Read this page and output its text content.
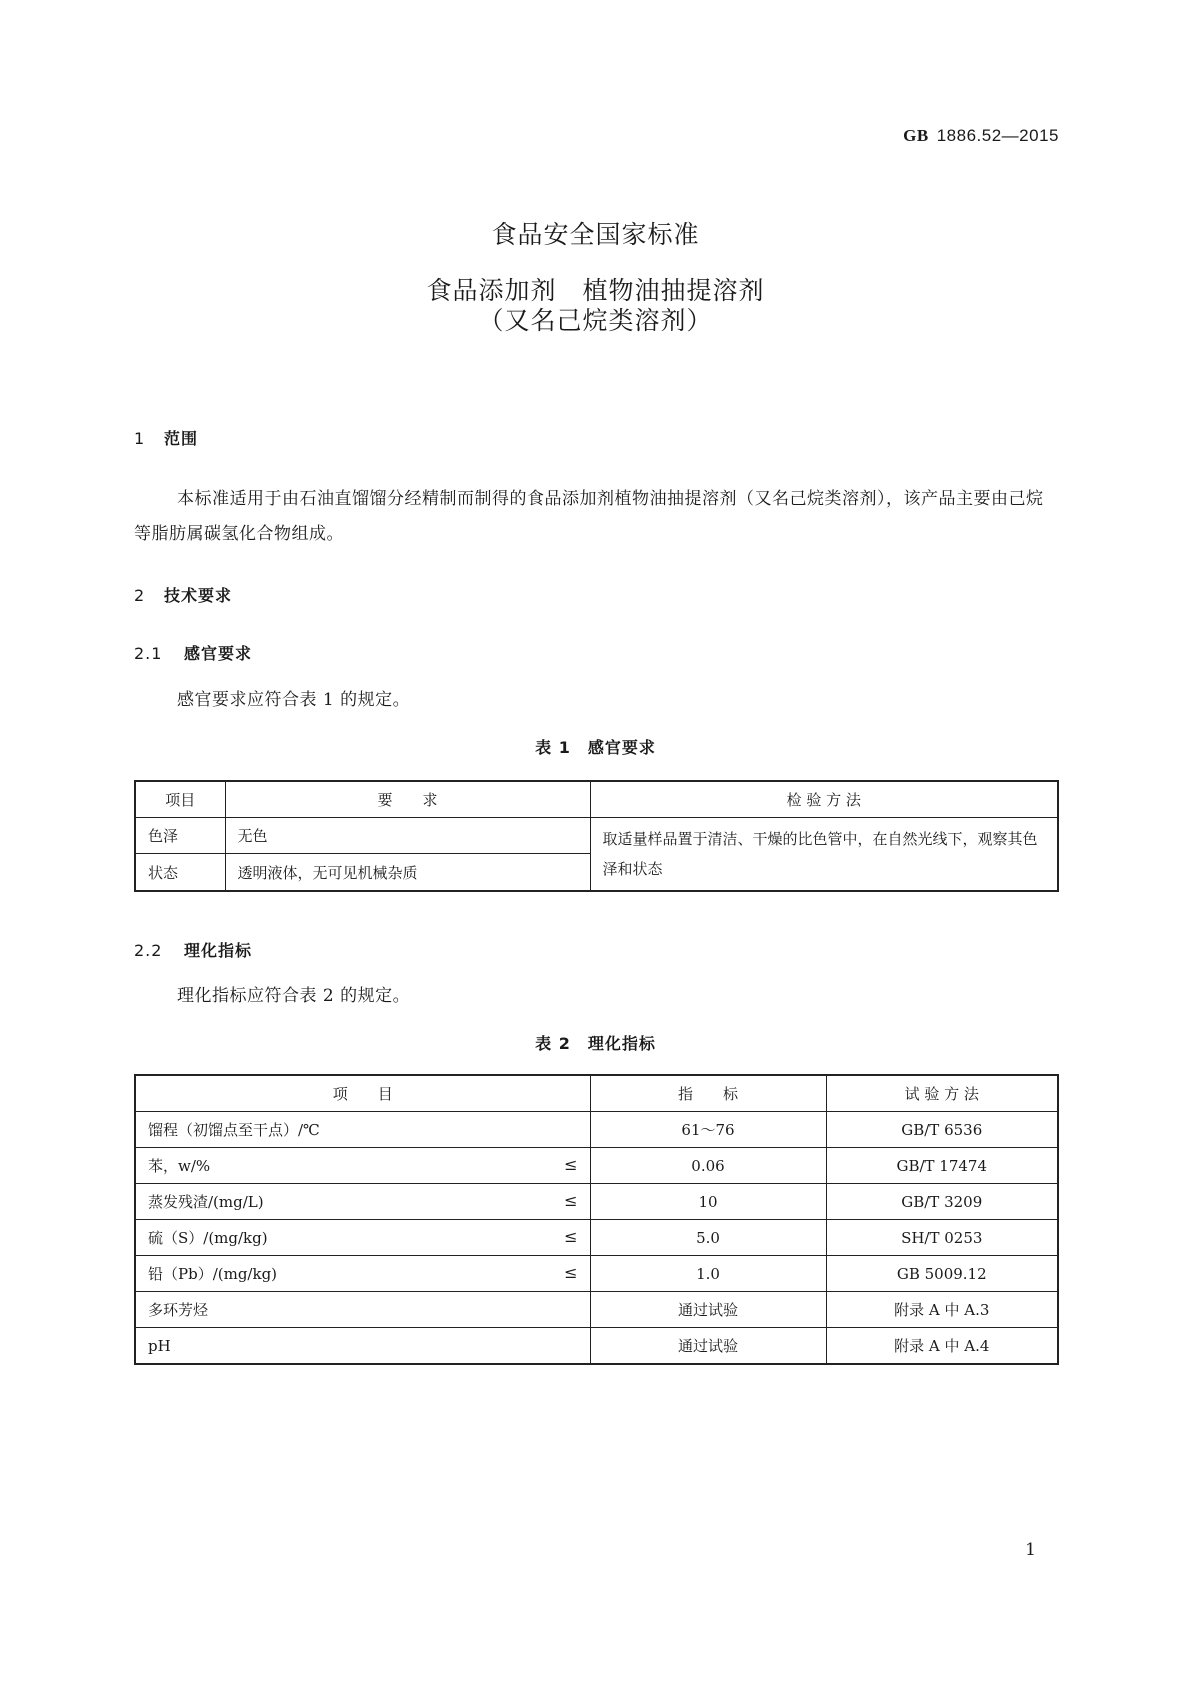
GB 1886.52—2015
食品安全国家标准
食品添加剂　植物油抽提溶剂
（又名己烷类溶剂）
1 范围
本标准适用于由石油直馏馏分经精制而制得的食品添加剂植物油抽提溶剂（又名己烷类溶剂），该产品主要由己烷等脂肪属碳氢化合物组成。
2 技术要求
2.1 感官要求
感官要求应符合表 1 的规定。
表 1　感官要求
项目	要　　求	检 验 方 法
色泽	无色	取适量样品置于清洁、干燥的比色管中，在自然光线下，观察其色泽和状态
状态	透明液体，无可见机械杂质	
2.2 理化指标
理化指标应符合表 2 的规定。
表 2　理化指标
项　　目	指　　标	试 验 方 法
馏程（初馏点至干点）/℃	61～76	GB/T 6536
苯，w/% ≤	0.06	GB/T 17474
蒸发残渣/(mg/L) ≤	10	GB/T 3209
硫（S）/(mg/kg) ≤	5.0	SH/T 0253
铅（Pb）/(mg/kg) ≤	1.0	GB 5009.12
多环芳烃	通过试验	附录 A 中 A.3
pH	通过试验	附录 A 中 A.4
1
